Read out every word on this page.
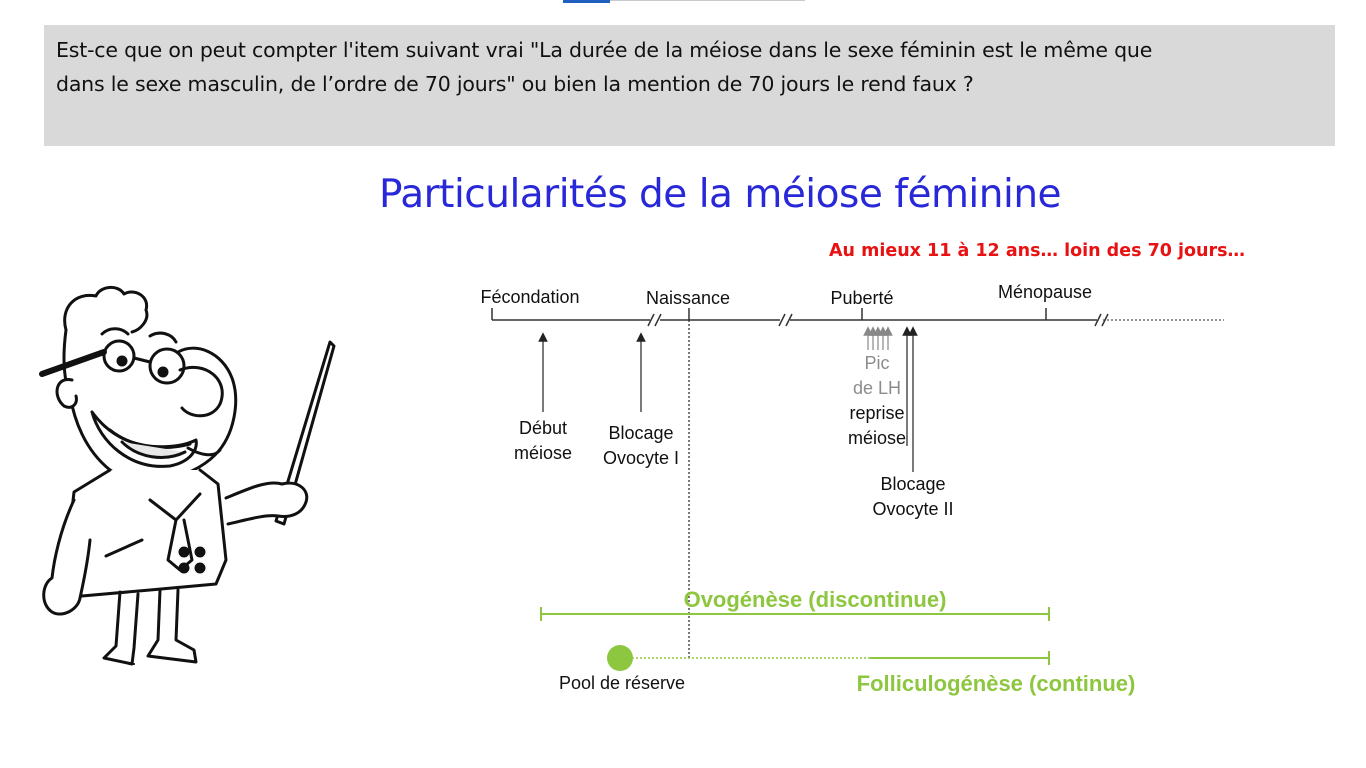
Est-ce que on peut compter l'item suivant vrai "La durée de la méiose dans le sexe féminin est le même que
dans le sexe masculin, de l’ordre de 70 jours" ou bien la mention de 70 jours le rend faux ?

Particularités de la méiose féminine
Au mieux 11 à 12 ans… loin des 70 jours…
Fécondation	Naissance	Puberté	Ménopause
Début
méiose
Blocage
Ovocyte I
Pic
de LH
reprise
méiose
Blocage
Ovocyte II
Ovogénèse (discontinue)
Folliculogénèse (continue)
Pool de réserve
